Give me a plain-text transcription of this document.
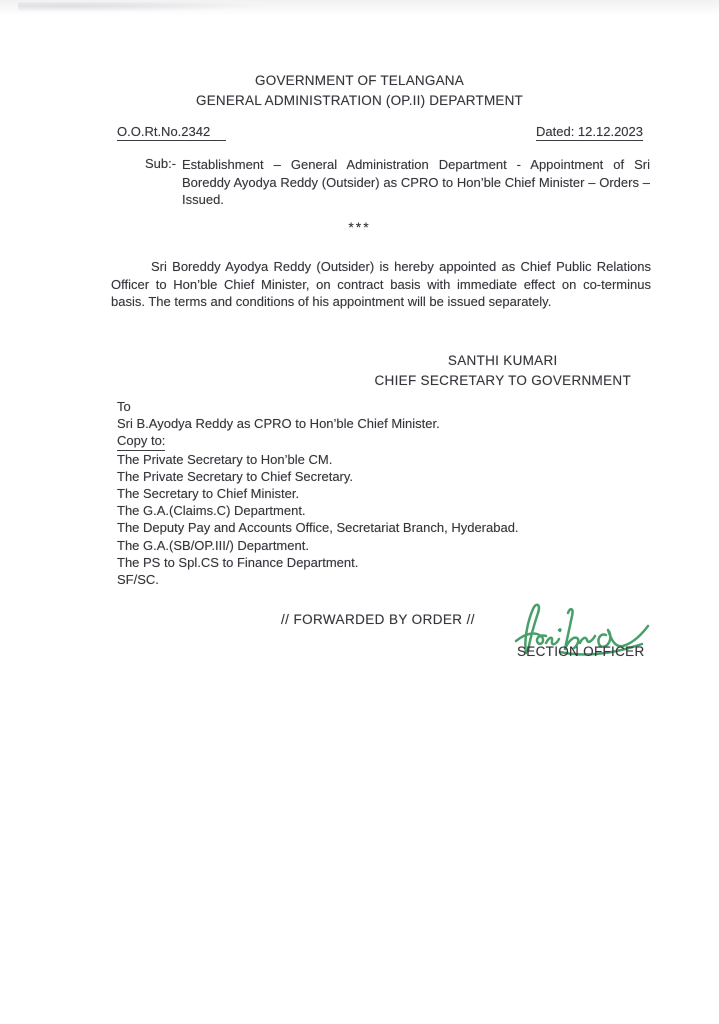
GOVERNMENT OF TELANGANA
GENERAL ADMINISTRATION (OP.II) DEPARTMENT
O.O.Rt.No.2342	Dated: 12.12.2023
Sub:- Establishment – General Administration Department - Appointment of Sri Boreddy Ayodya Reddy (Outsider) as CPRO to Hon’ble Chief Minister – Orders – Issued.
***
Sri Boreddy Ayodya Reddy (Outsider) is hereby appointed as Chief Public Relations Officer to Hon’ble Chief Minister, on contract basis with immediate effect on co-terminus basis. The terms and conditions of his appointment will be issued separately.
SANTHI KUMARI
CHIEF SECRETARY TO GOVERNMENT
To
Sri B.Ayodya Reddy as CPRO to Hon’ble Chief Minister.
Copy to:
The Private Secretary to Hon’ble CM.
The Private Secretary to Chief Secretary.
The Secretary to Chief Minister.
The G.A.(Claims.C) Department.
The Deputy Pay and Accounts Office, Secretariat Branch, Hyderabad.
The G.A.(SB/OP.III/) Department.
The PS to Spl.CS to Finance Department.
SF/SC.
// FORWARDED BY ORDER //
SECTION OFFICER
